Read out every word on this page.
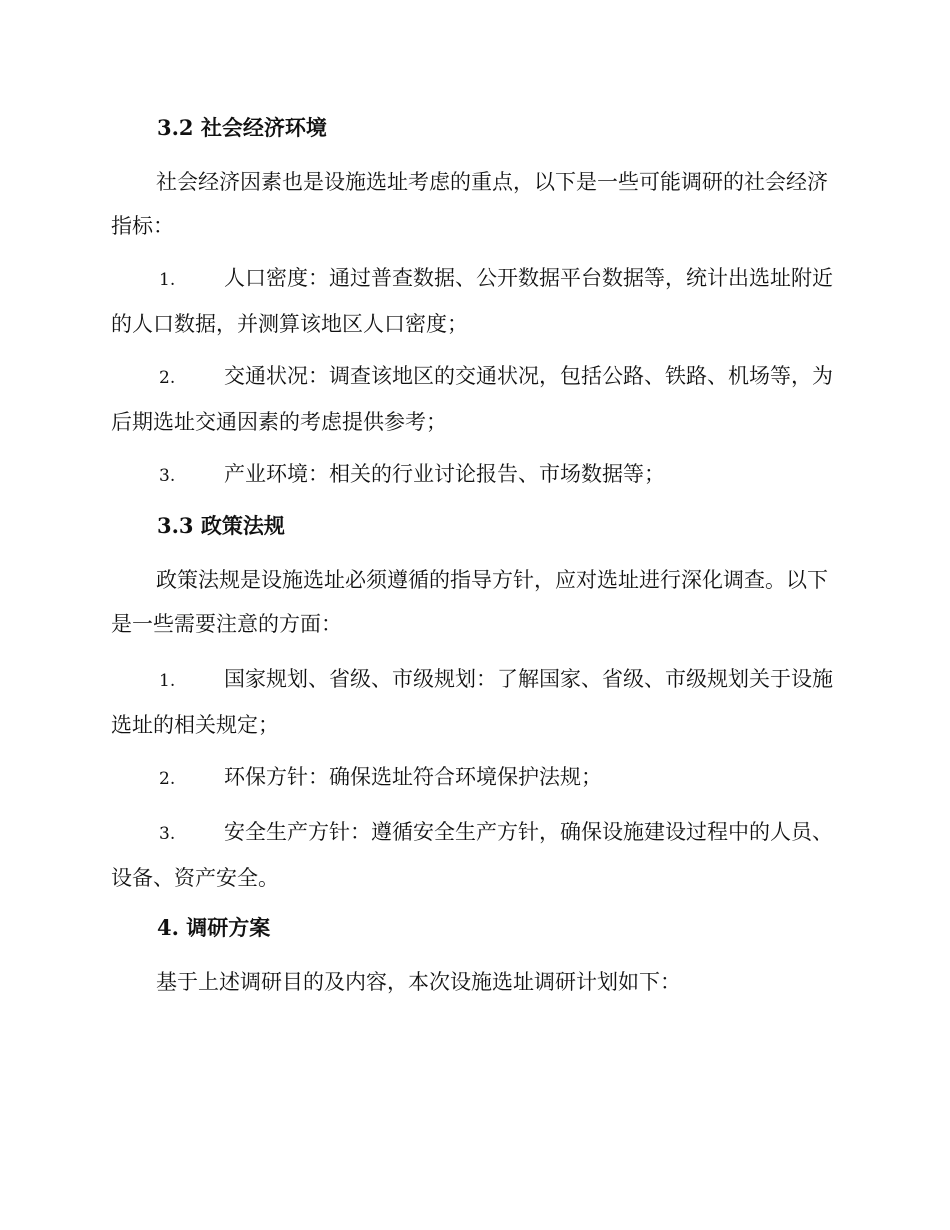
3.2 社会经济环境

社会经济因素也是设施选址考虑的重点，以下是一些可能调研的社会经济指标：

1. 人口密度：通过普查数据、公开数据平台数据等，统计出选址附近的人口数据，并测算该地区人口密度；

2. 交通状况：调查该地区的交通状况，包括公路、铁路、机场等，为后期选址交通因素的考虑提供参考；

3. 产业环境：相关的行业讨论报告、市场数据等；

3.3 政策法规

政策法规是设施选址必须遵循的指导方针，应对选址进行深化调查。以下是一些需要注意的方面：

1. 国家规划、省级、市级规划：了解国家、省级、市级规划关于设施选址的相关规定；

2. 环保方针：确保选址符合环境保护法规；

3. 安全生产方针：遵循安全生产方针，确保设施建设过程中的人员、设备、资产安全。

4. 调研方案

基于上述调研目的及内容，本次设施选址调研计划如下：
